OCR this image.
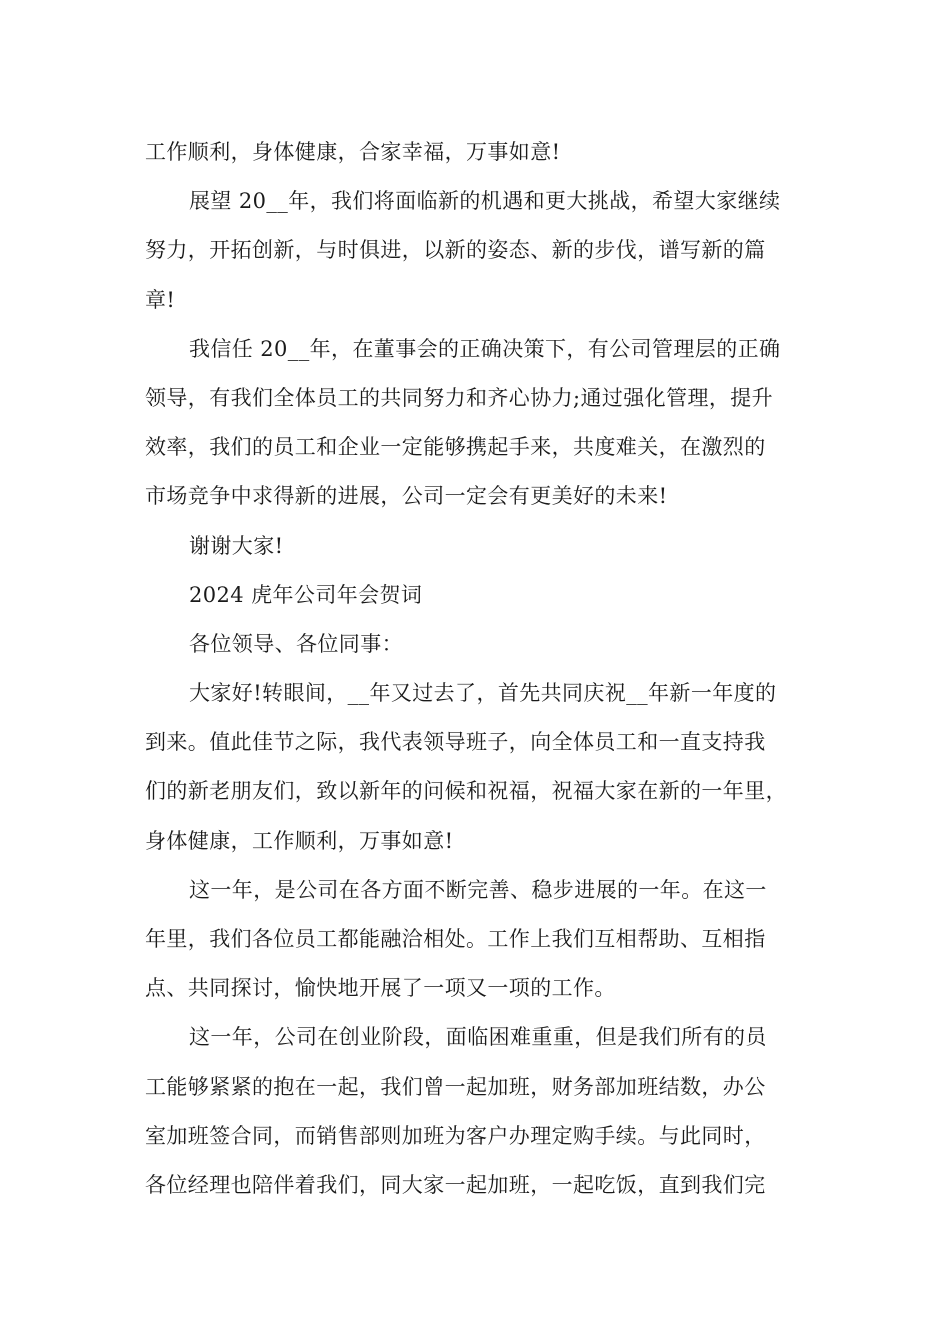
工作顺利，身体健康，合家幸福，万事如意!
展望 20__年，我们将面临新的机遇和更大挑战，希望大家继续
努力，开拓创新，与时俱进，以新的姿态、新的步伐，谱写新的篇
章!
我信任 20__年，在董事会的正确决策下，有公司管理层的正确
领导，有我们全体员工的共同努力和齐心协力;通过强化管理，提升
效率，我们的员工和企业一定能够携起手来，共度难关，在激烈的
市场竞争中求得新的进展，公司一定会有更美好的未来!
谢谢大家!
2024 虎年公司年会贺词
各位领导、各位同事：
大家好!转眼间，__年又过去了，首先共同庆祝__年新一年度的
到来。值此佳节之际，我代表领导班子，向全体员工和一直支持我
们的新老朋友们，致以新年的问候和祝福，祝福大家在新的一年里，
身体健康，工作顺利，万事如意!
这一年，是公司在各方面不断完善、稳步进展的一年。在这一
年里，我们各位员工都能融洽相处。工作上我们互相帮助、互相指
点、共同探讨，愉快地开展了一项又一项的工作。
这一年，公司在创业阶段，面临困难重重，但是我们所有的员
工能够紧紧的抱在一起，我们曾一起加班，财务部加班结数，办公
室加班签合同，而销售部则加班为客户办理定购手续。与此同时，
各位经理也陪伴着我们，同大家一起加班，一起吃饭，直到我们完
